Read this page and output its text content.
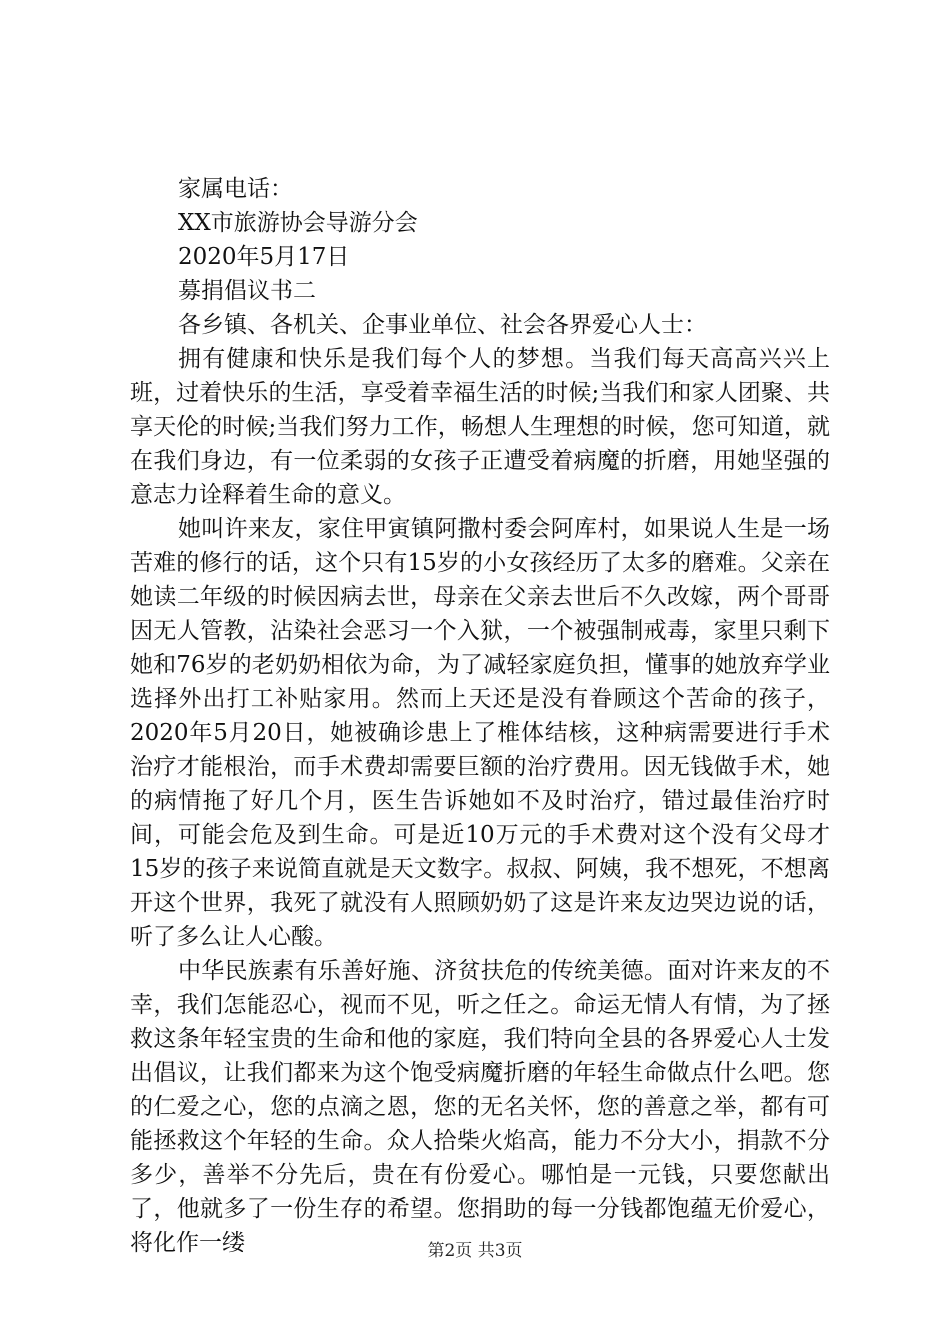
家属电话：
XX市旅游协会导游分会
2020年5月17日
募捐倡议书二
各乡镇、各机关、企事业单位、社会各界爱心人士：

拥有健康和快乐是我们每个人的梦想。当我们每天高高兴兴上班，过着快乐的生活，享受着幸福生活的时候;当我们和家人团聚、共享天伦的时候;当我们努力工作，畅想人生理想的时候，您可知道，就在我们身边，有一位柔弱的女孩子正遭受着病魔的折磨，用她坚强的意志力诠释着生命的意义。

她叫许来友，家住甲寅镇阿撒村委会阿库村，如果说人生是一场苦难的修行的话，这个只有15岁的小女孩经历了太多的磨难。父亲在她读二年级的时候因病去世，母亲在父亲去世后不久改嫁，两个哥哥因无人管教，沾染社会恶习一个入狱，一个被强制戒毒，家里只剩下她和76岁的老奶奶相依为命，为了减轻家庭负担，懂事的她放弃学业选择外出打工补贴家用。然而上天还是没有眷顾这个苦命的孩子，2020年5月20日，她被确诊患上了椎体结核，这种病需要进行手术治疗才能根治，而手术费却需要巨额的治疗费用。因无钱做手术，她的病情拖了好几个月，医生告诉她如不及时治疗，错过最佳治疗时间，可能会危及到生命。可是近10万元的手术费对这个没有父母才15岁的孩子来说简直就是天文数字。叔叔、阿姨，我不想死，不想离开这个世界，我死了就没有人照顾奶奶了这是许来友边哭边说的话，听了多么让人心酸。

中华民族素有乐善好施、济贫扶危的传统美德。面对许来友的不幸，我们怎能忍心，视而不见，听之任之。命运无情人有情，为了拯救这条年轻宝贵的生命和他的家庭，我们特向全县的各界爱心人士发出倡议，让我们都来为这个饱受病魔折磨的年轻生命做点什么吧。您的仁爱之心，您的点滴之恩，您的无名关怀，您的善意之举，都有可能拯救这个年轻的生命。众人拾柴火焰高，能力不分大小，捐款不分多少，善举不分先后，贵在有份爱心。哪怕是一元钱，只要您献出了，他就多了一份生存的希望。您捐助的每一分钱都饱蕴无价爱心，将化作一缕	第2页 共3页
